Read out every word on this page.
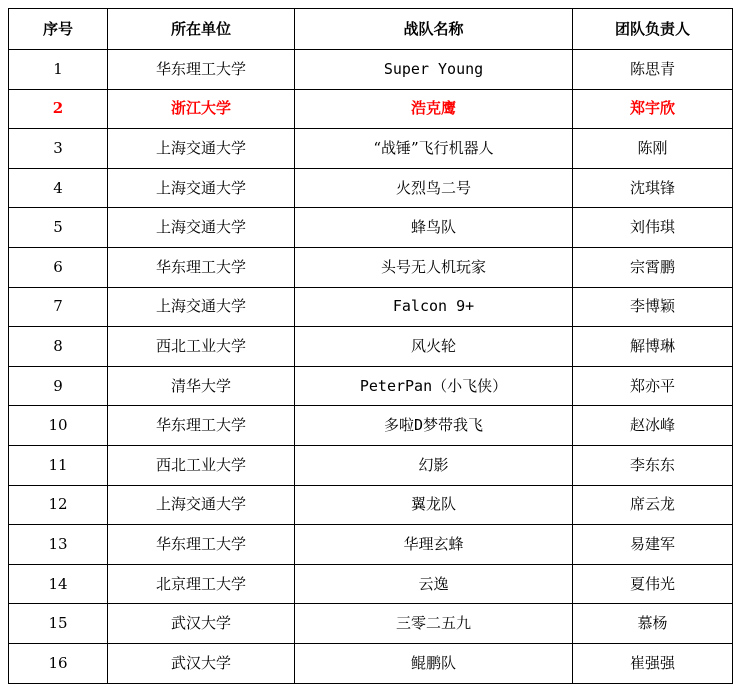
序号	所在单位	战队名称	团队负责人
1	华东理工大学	Super Young	陈思青
2	浙江大学	浩克鹰	郑宇欣
3	上海交通大学	“战锤”飞行机器人	陈刚
4	上海交通大学	火烈鸟二号	沈琪锋
5	上海交通大学	蜂鸟队	刘伟琪
6	华东理工大学	头号无人机玩家	宗霄鹏
7	上海交通大学	Falcon 9+	李博颖
8	西北工业大学	风火轮	解博琳
9	清华大学	PeterPan（小飞侠）	郑亦平
10	华东理工大学	多啦D梦带我飞	赵冰峰
11	西北工业大学	幻影	李东东
12	上海交通大学	翼龙队	席云龙
13	华东理工大学	华理玄蜂	易建军
14	北京理工大学	云逸	夏伟光
15	武汉大学	三零二五九	慕杨
16	武汉大学	鲲鹏队	崔强强
